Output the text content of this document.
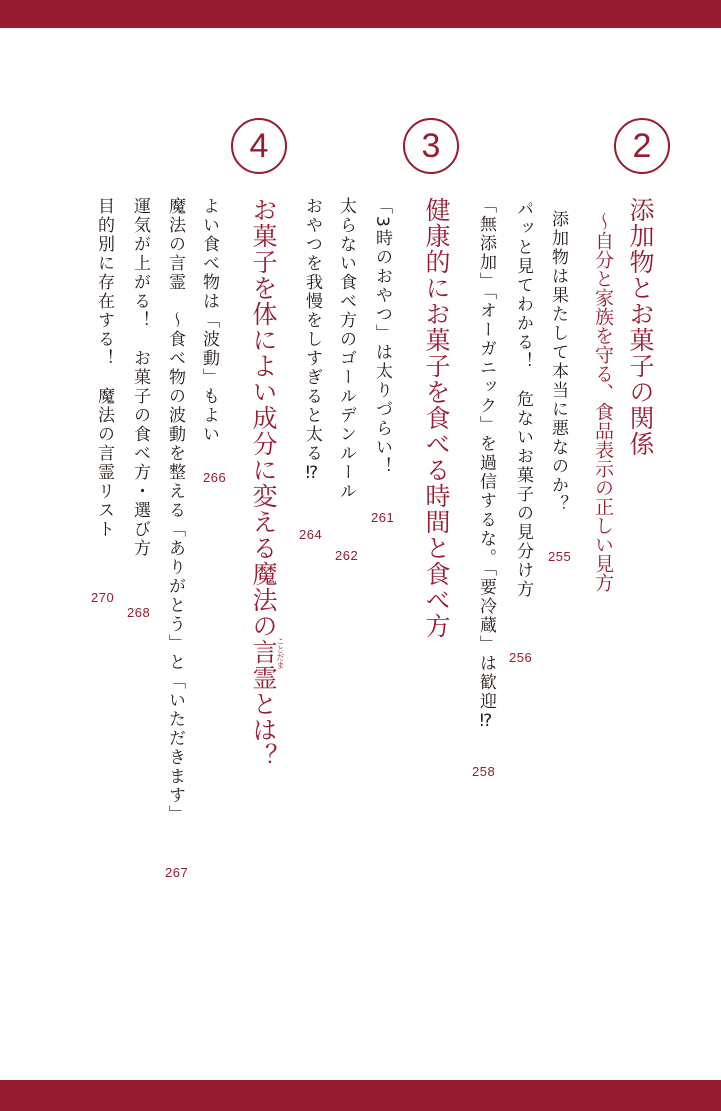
2
添加物とお菓子の関係
〜自分と家族を守る、食品表示の正しい見方
添加物は果たして本当に悪なのか？
255
パッと見てわかる！　危ないお菓子の見分け方
256
「無添加」「オーガニック」を過信するな。「要冷蔵」は歓迎⁉
258
3
健康的にお菓子を食べる時間と食べ方
「3時のおやつ」は太りづらい！
261
太らない食べ方のゴールデンルール
262
おやつを我慢をしすぎると太る⁉
264
4
お菓子を体によい成分に変える魔法の言霊とは？
ことだま
よい食べ物は「波動」もよい
266
魔法の言霊　〜食べ物の波動を整える「ありがとう」と「いただきます」
267
運気が上がる！　お菓子の食べ方・選び方
268
目的別に存在する！　魔法の言霊リスト
270
